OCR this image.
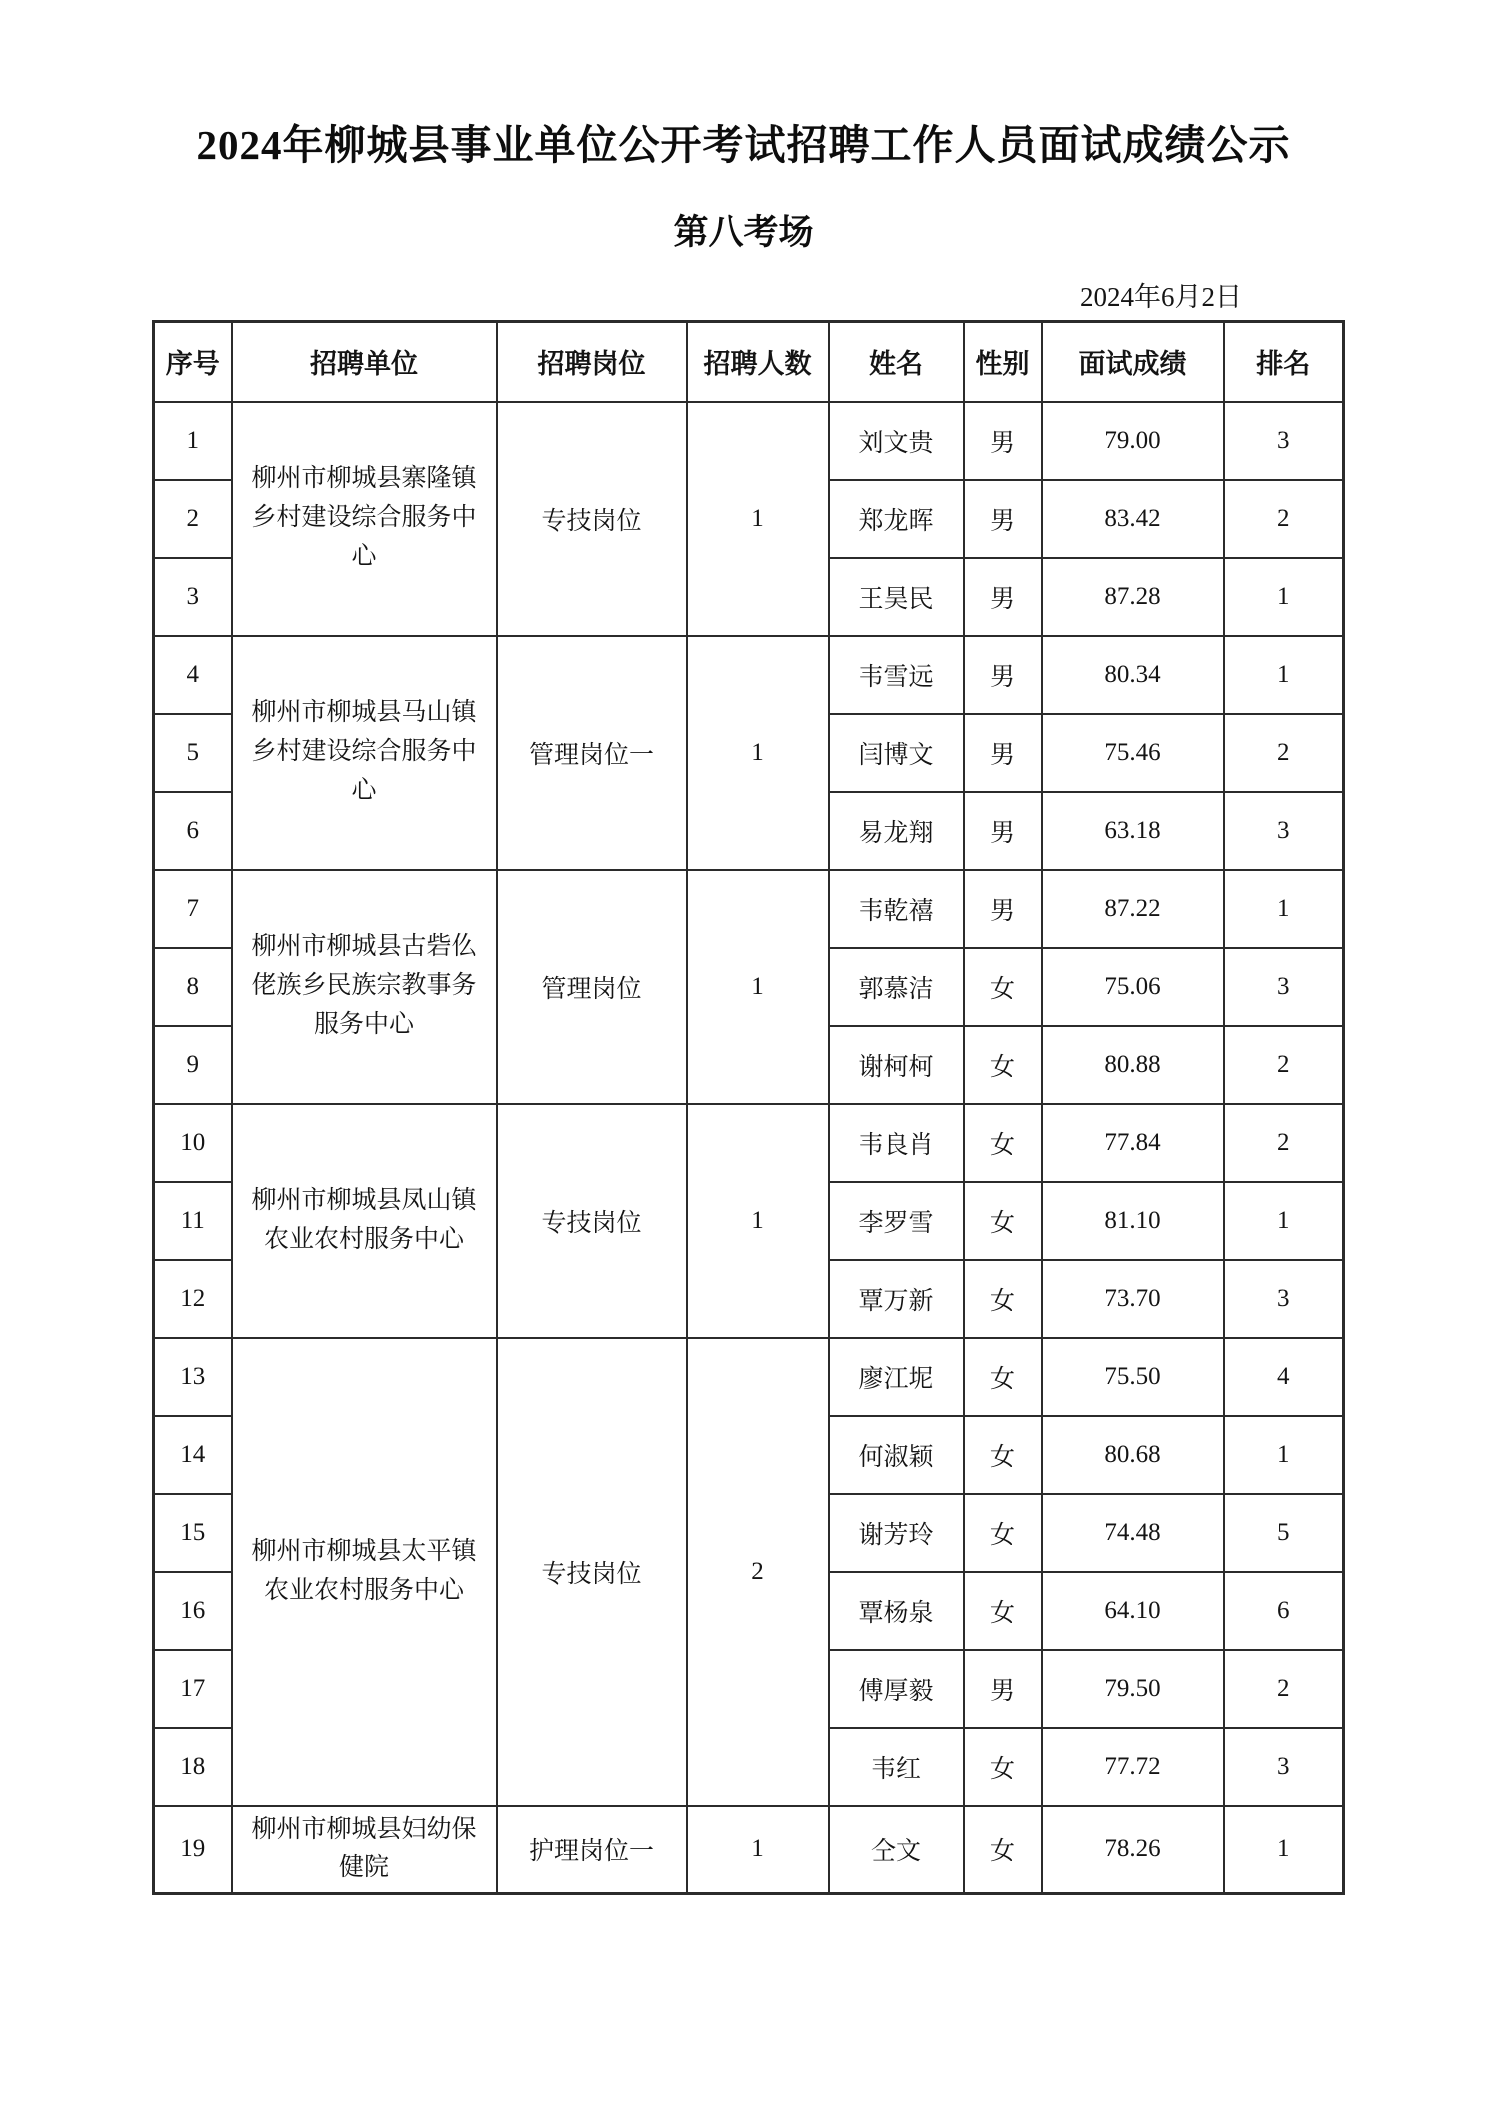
2024年柳城县事业单位公开考试招聘工作人员面试成绩公示
第八考场
2024年6月2日
序号	招聘单位	招聘岗位	招聘人数	姓名	性别	面试成绩	排名
1	柳州市柳城县寨隆镇乡村建设综合服务中心	专技岗位	1	刘文贵	男	79.00	3
2				郑龙晖	男	83.42	2
3				王昊民	男	87.28	1
4	柳州市柳城县马山镇乡村建设综合服务中心	管理岗位一	1	韦雪远	男	80.34	1
5				闫博文	男	75.46	2
6				易龙翔	男	63.18	3
7	柳州市柳城县古砦仫佬族乡民族宗教事务服务中心	管理岗位	1	韦乾禧	男	87.22	1
8				郭慕洁	女	75.06	3
9				谢柯柯	女	80.88	2
10	柳州市柳城县凤山镇农业农村服务中心	专技岗位	1	韦良肖	女	77.84	2
11				李罗雪	女	81.10	1
12				覃万新	女	73.70	3
13	柳州市柳城县太平镇农业农村服务中心	专技岗位	2	廖江坭	女	75.50	4
14				何淑颖	女	80.68	1
15				谢芳玲	女	74.48	5
16				覃杨泉	女	64.10	6
17				傅厚毅	男	79.50	2
18				韦红	女	77.72	3
19	柳州市柳城县妇幼保健院	护理岗位一	1	仝文	女	78.26	1
